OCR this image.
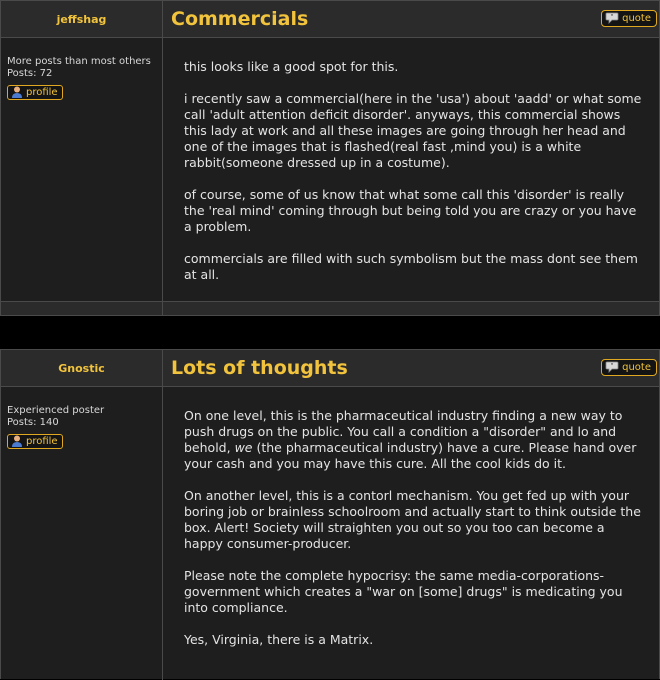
jeffshag	Commercials	" quote
More posts than most others
Posts: 72
profile

this looks like a good spot for this.

i recently saw a commercial(here in the 'usa') about 'aadd' or what some call 'adult attention deficit disorder'. anyways, this commercial shows this lady at work and all these images are going through her head and one of the images that is flashed(real fast ,mind you) is a white rabbit(someone dressed up in a costume).

of course, some of us know that what some call this 'disorder' is really the 'real mind' coming through but being told you are crazy or you have a problem.

commercials are filled with such symbolism but the mass dont see them at all.

Gnostic	Lots of thoughts	" quote
Experienced poster
Posts: 140
profile

On one level, this is the pharmaceutical industry finding a new way to push drugs on the public. You call a condition a "disorder" and lo and behold, we (the pharmaceutical industry) have a cure. Please hand over your cash and you may have this cure. All the cool kids do it.

On another level, this is a contorl mechanism. You get fed up with your boring job or brainless schoolroom and actually start to think outside the box. Alert! Society will straighten you out so you too can become a happy consumer-producer.

Please note the complete hypocrisy: the same media-corporations-government which creates a "war on [some] drugs" is medicating you into compliance.

Yes, Virginia, there is a Matrix.
